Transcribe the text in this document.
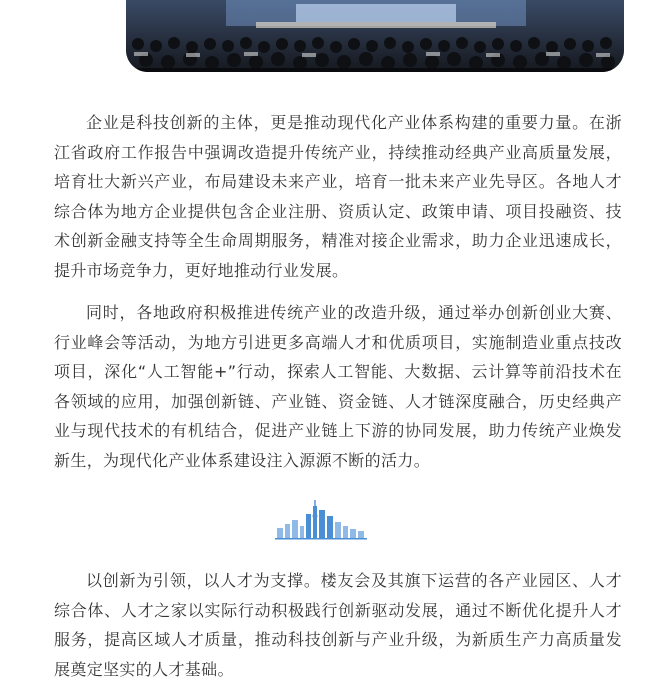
企业是科技创新的主体，更是推动现代化产业体系构建的重要力量。在浙江省政府工作报告中强调改造提升传统产业，持续推动经典产业高质量发展，培育壮大新兴产业，布局建设未来产业，培育一批未来产业先导区。各地人才综合体为地方企业提供包含企业注册、资质认定、政策申请、项目投融资、技术创新金融支持等全生命周期服务，精准对接企业需求，助力企业迅速成长，提升市场竞争力，更好地推动行业发展。

同时，各地政府积极推进传统产业的改造升级，通过举办创新创业大赛、行业峰会等活动，为地方引进更多高端人才和优质项目，实施制造业重点技改项目，深化“人工智能+”行动，探索人工智能、大数据、云计算等前沿技术在各领域的应用，加强创新链、产业链、资金链、人才链深度融合，历史经典产业与现代技术的有机结合，促进产业链上下游的协同发展，助力传统产业焕发新生，为现代化产业体系建设注入源源不断的活力。

以创新为引领，以人才为支撑。楼友会及其旗下运营的各产业园区、人才综合体、人才之家以实际行动积极践行创新驱动发展，通过不断优化提升人才服务，提高区域人才质量，推动科技创新与产业升级，为新质生产力高质量发展奠定坚实的人才基础。
